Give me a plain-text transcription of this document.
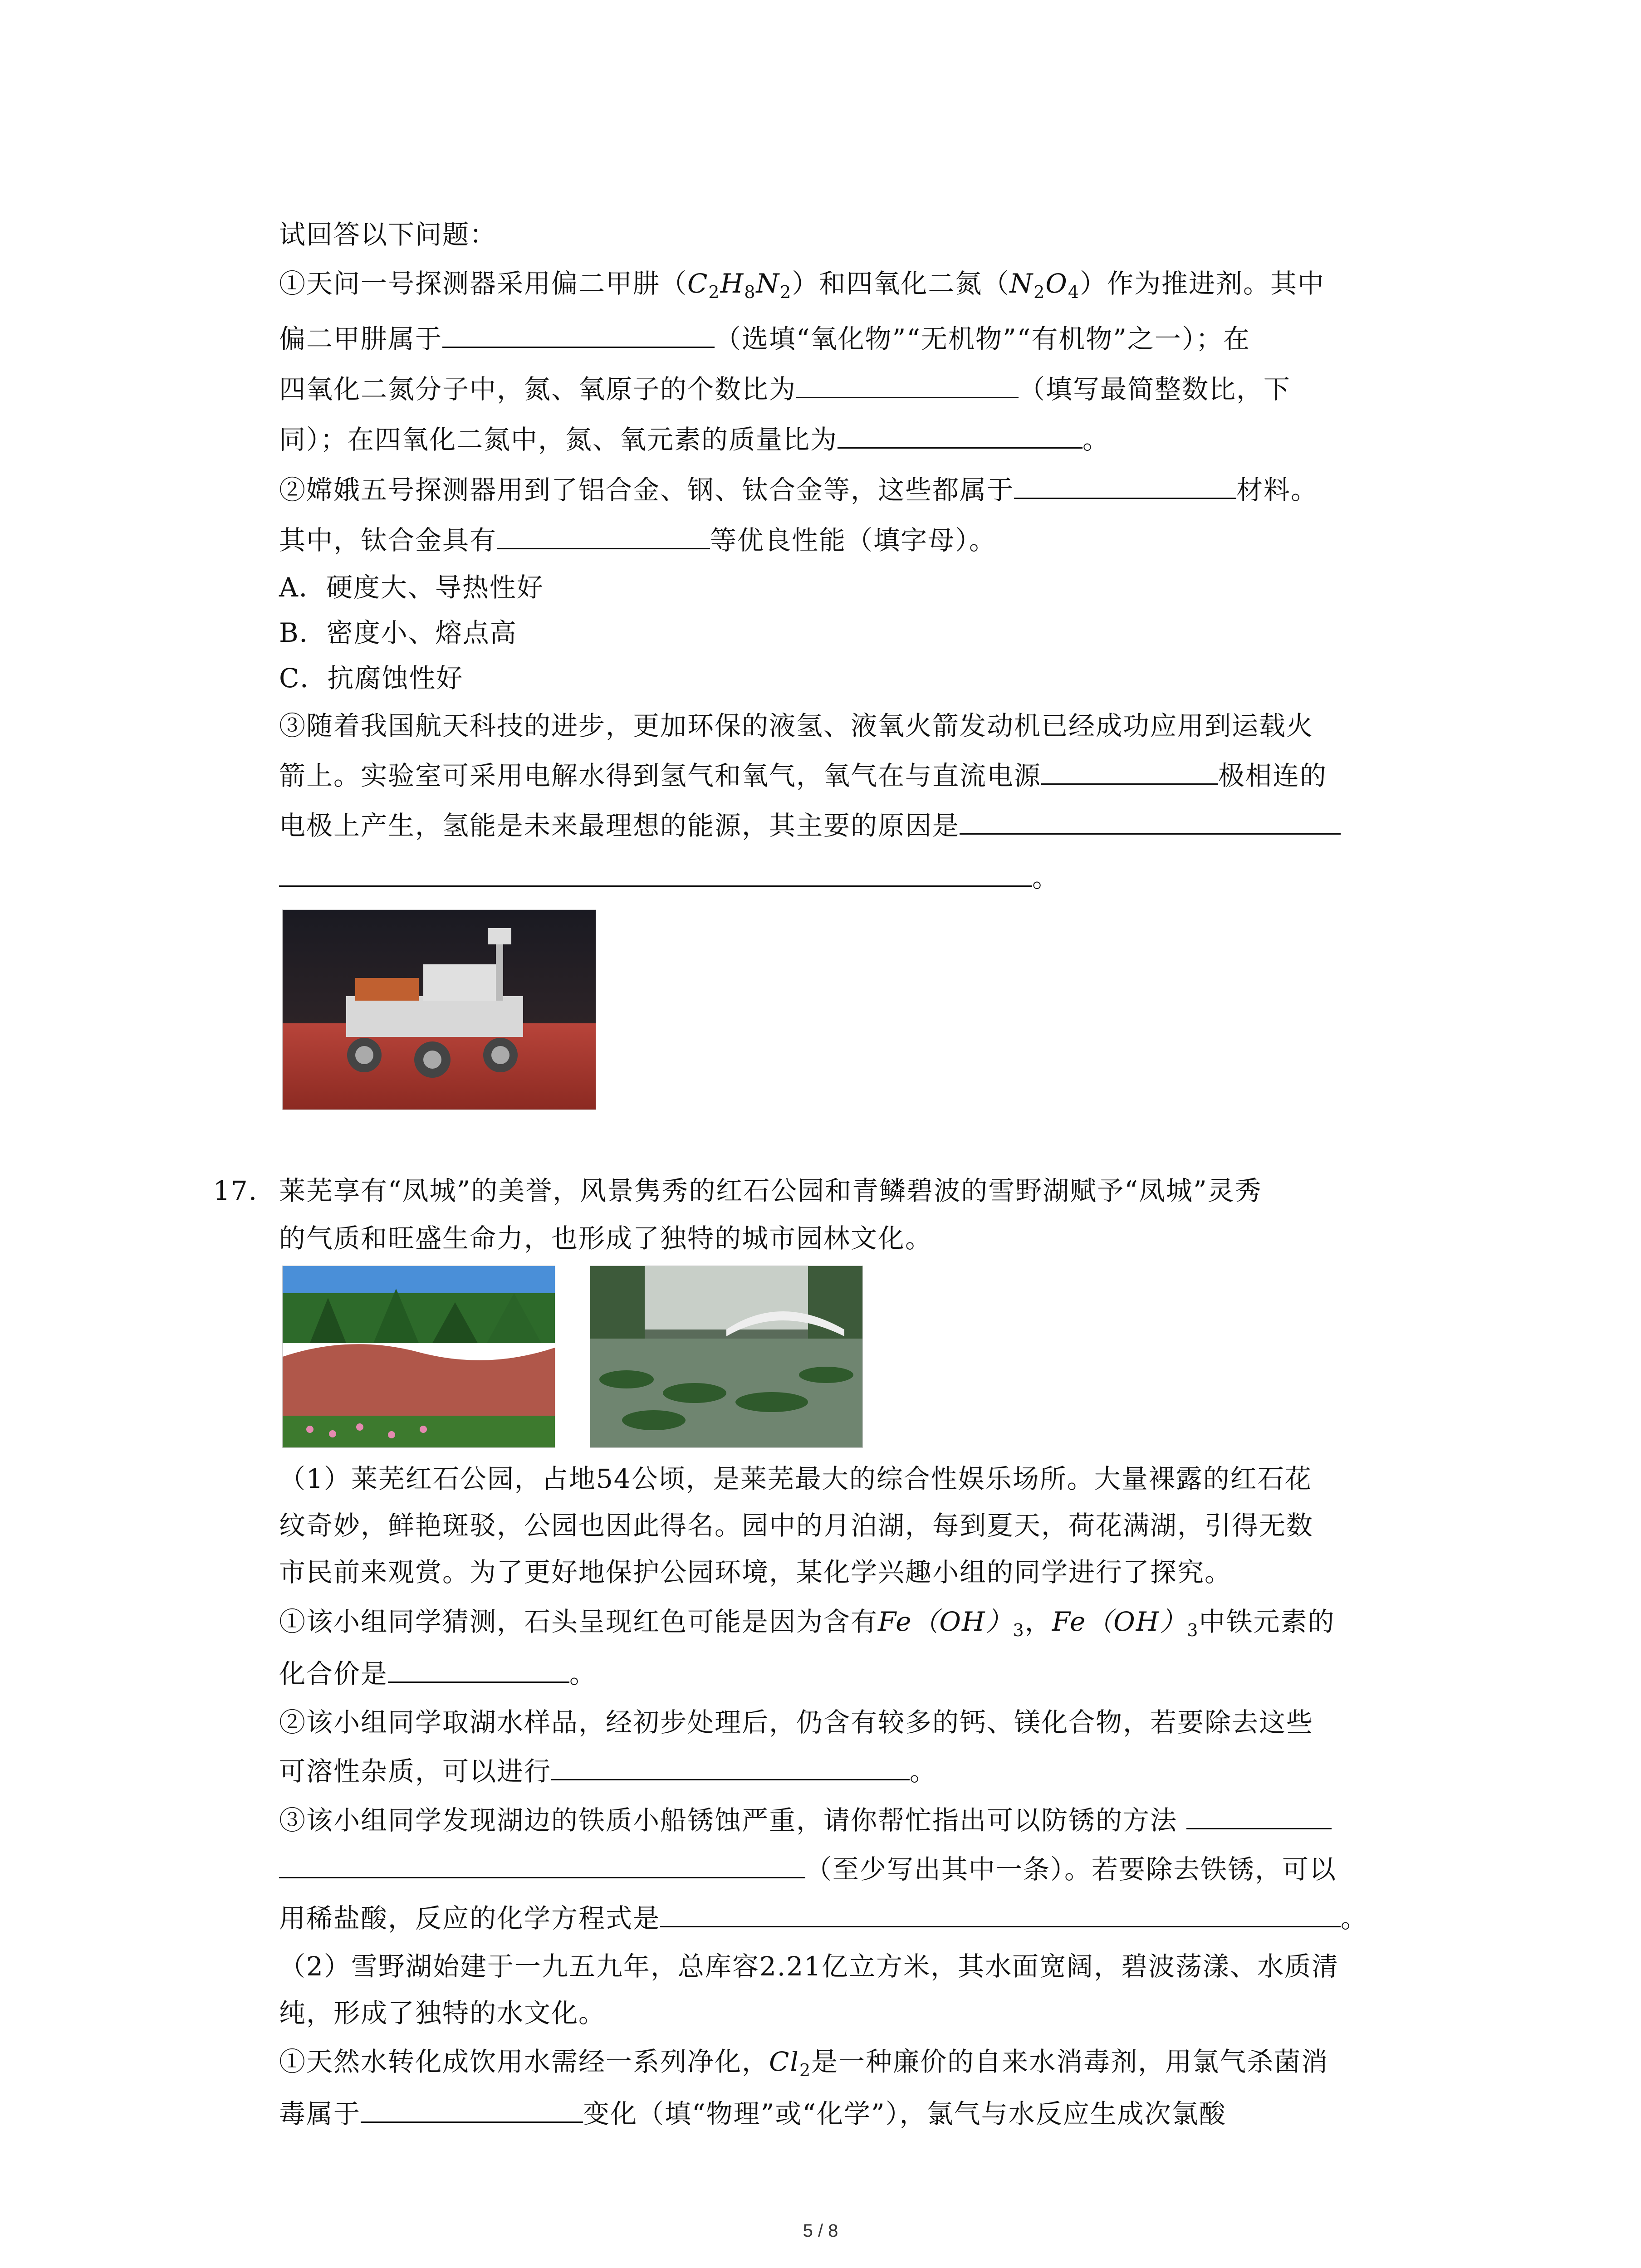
试回答以下问题：
①天问一号探测器采用偏二甲肼$(C_2H_8N_2)$和四氧化二氮$(N_2O_4)$作为推进剂。其中
偏二甲肼属于	（选填“氧化物”“无机物”“有机物”之一）；在
四氧化二氮分子中，氮、氧原子的个数比为	（填写最简整数比，下
同）；在四氧化二氮中，氮、氧元素的质量比为	。
②嫦娥五号探测器用到了铝合金、钢、钛合金等，这些都属于	材料。
其中，钛合金具有	等优良性能（填字母）。
A．硬度大、导热性好
B．密度小、熔点高
C．抗腐蚀性好
③随着我国航天科技的进步，更加环保的液氢、液氧火箭发动机已经成功应用到运载火
箭上。实验室可采用电解水得到氢气和氧气，氧气在与直流电源	极相连的
电极上产生，氢能是未来最理想的能源，其主要的原因是
。
17. 莱芜享有“凤城”的美誉，风景隽秀的红石公园和青鳞碧波的雪野湖赋予“凤城”灵秀
的气质和旺盛生命力，也形成了独特的城市园林文化。
（1）莱芜红石公园，占地54公顷，是莱芜最大的综合性娱乐场所。大量裸露的红石花
纹奇妙，鲜艳斑驳，公园也因此得名。园中的月泊湖，每到夏天，荷花满湖，引得无数
市民前来观赏。为了更好地保护公园环境，某化学兴趣小组的同学进行了探究。
①该小组同学猜测，石头呈现红色可能是因为含有$Fe(OH)_3$，$Fe(OH)_3$中铁元素的
化合价是	。
②该小组同学取湖水样品，经初步处理后，仍含有较多的钙、镁化合物，若要除去这些
可溶性杂质，可以进行	。
③该小组同学发现湖边的铁质小船锈蚀严重，请你帮忙指出可以防锈的方法
（至少写出其中一条）。若要除去铁锈，可以
用稀盐酸，反应的化学方程式是	。
（2）雪野湖始建于一九五九年，总库容2.21亿立方米，其水面宽阔，碧波荡漾、水质清
纯，形成了独特的水文化。
①天然水转化成饮用水需经一系列净化，$Cl_2$是一种廉价的自来水消毒剂，用氯气杀菌消
毒属于	变化（填“物理”或“化学”），氯气与水反应生成次氯酸
5 / 8
